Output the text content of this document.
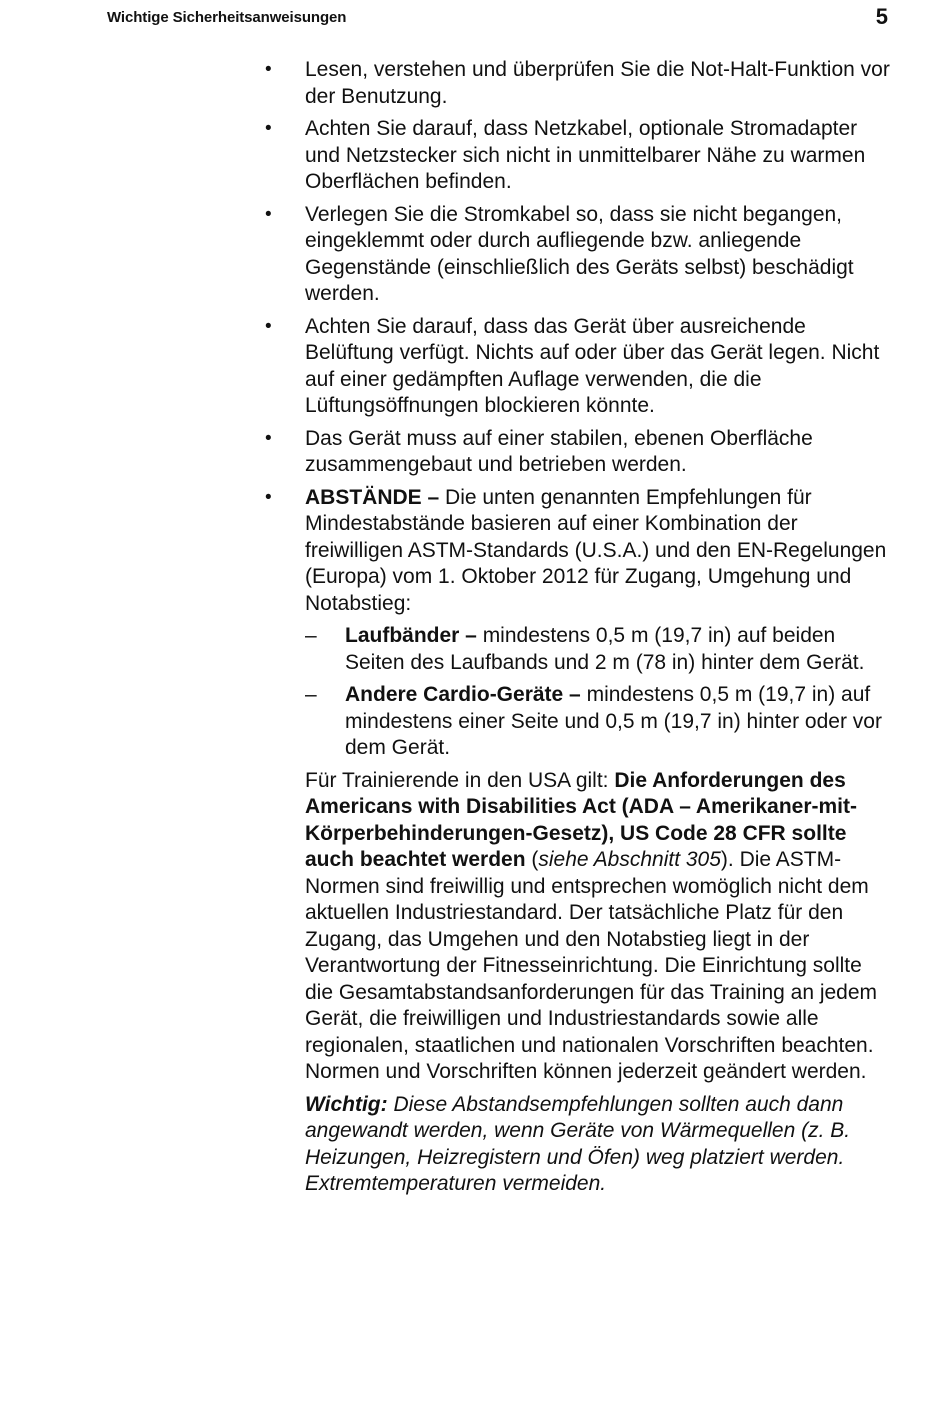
Wichtige Sicherheitsanweisungen	5
• Lesen, verstehen und überprüfen Sie die Not-Halt-Funktion vor der Benutzung.
• Achten Sie darauf, dass Netzkabel, optionale Stromadapter und Netzstecker sich nicht in unmittelbarer Nähe zu warmen Oberflächen befinden.
• Verlegen Sie die Stromkabel so, dass sie nicht begangen, eingeklemmt oder durch aufliegende bzw. anliegende Gegenstände (einschließlich des Geräts selbst) beschädigt werden.
• Achten Sie darauf, dass das Gerät über ausreichende Belüftung verfügt. Nichts auf oder über das Gerät legen. Nicht auf einer gedämpften Auflage verwenden, die die Lüftungsöffnungen blockieren könnte.
• Das Gerät muss auf einer stabilen, ebenen Oberfläche zusammengebaut und betrieben werden.
• ABSTÄNDE – Die unten genannten Empfehlungen für Mindestabstände basieren auf einer Kombination der freiwilligen ASTM-Standards (U.S.A.) und den EN-Regelungen (Europa) vom 1. Oktober 2012 für Zugang, Umgehung und Notabstieg:
– Laufbänder – mindestens 0,5 m (19,7 in) auf beiden Seiten des Laufbands und 2 m (78 in) hinter dem Gerät.
– Andere Cardio-Geräte – mindestens 0,5 m (19,7 in) auf mindestens einer Seite und 0,5 m (19,7 in) hinter oder vor dem Gerät.

Für Trainierende in den USA gilt: Die Anforderungen des Americans with Disabilities Act (ADA – Amerikaner-mit-Körperbehinderungen-Gesetz), US Code 28 CFR sollte auch beachtet werden (siehe Abschnitt 305). Die ASTM-Normen sind freiwillig und entsprechen womöglich nicht dem aktuellen Industriestandard. Der tatsächliche Platz für den Zugang, das Umgehen und den Notabstieg liegt in der Verantwortung der Fitnesseinrichtung. Die Einrichtung sollte die Gesamtabstandsanforderungen für das Training an jedem Gerät, die freiwilligen und Industriestandards sowie alle regionalen, staatlichen und nationalen Vorschriften beachten. Normen und Vorschriften können jederzeit geändert werden.

Wichtig: Diese Abstandsempfehlungen sollten auch dann angewandt werden, wenn Geräte von Wärmequellen (z. B. Heizungen, Heizregistern und Öfen) weg platziert werden. Extremtemperaturen vermeiden.
